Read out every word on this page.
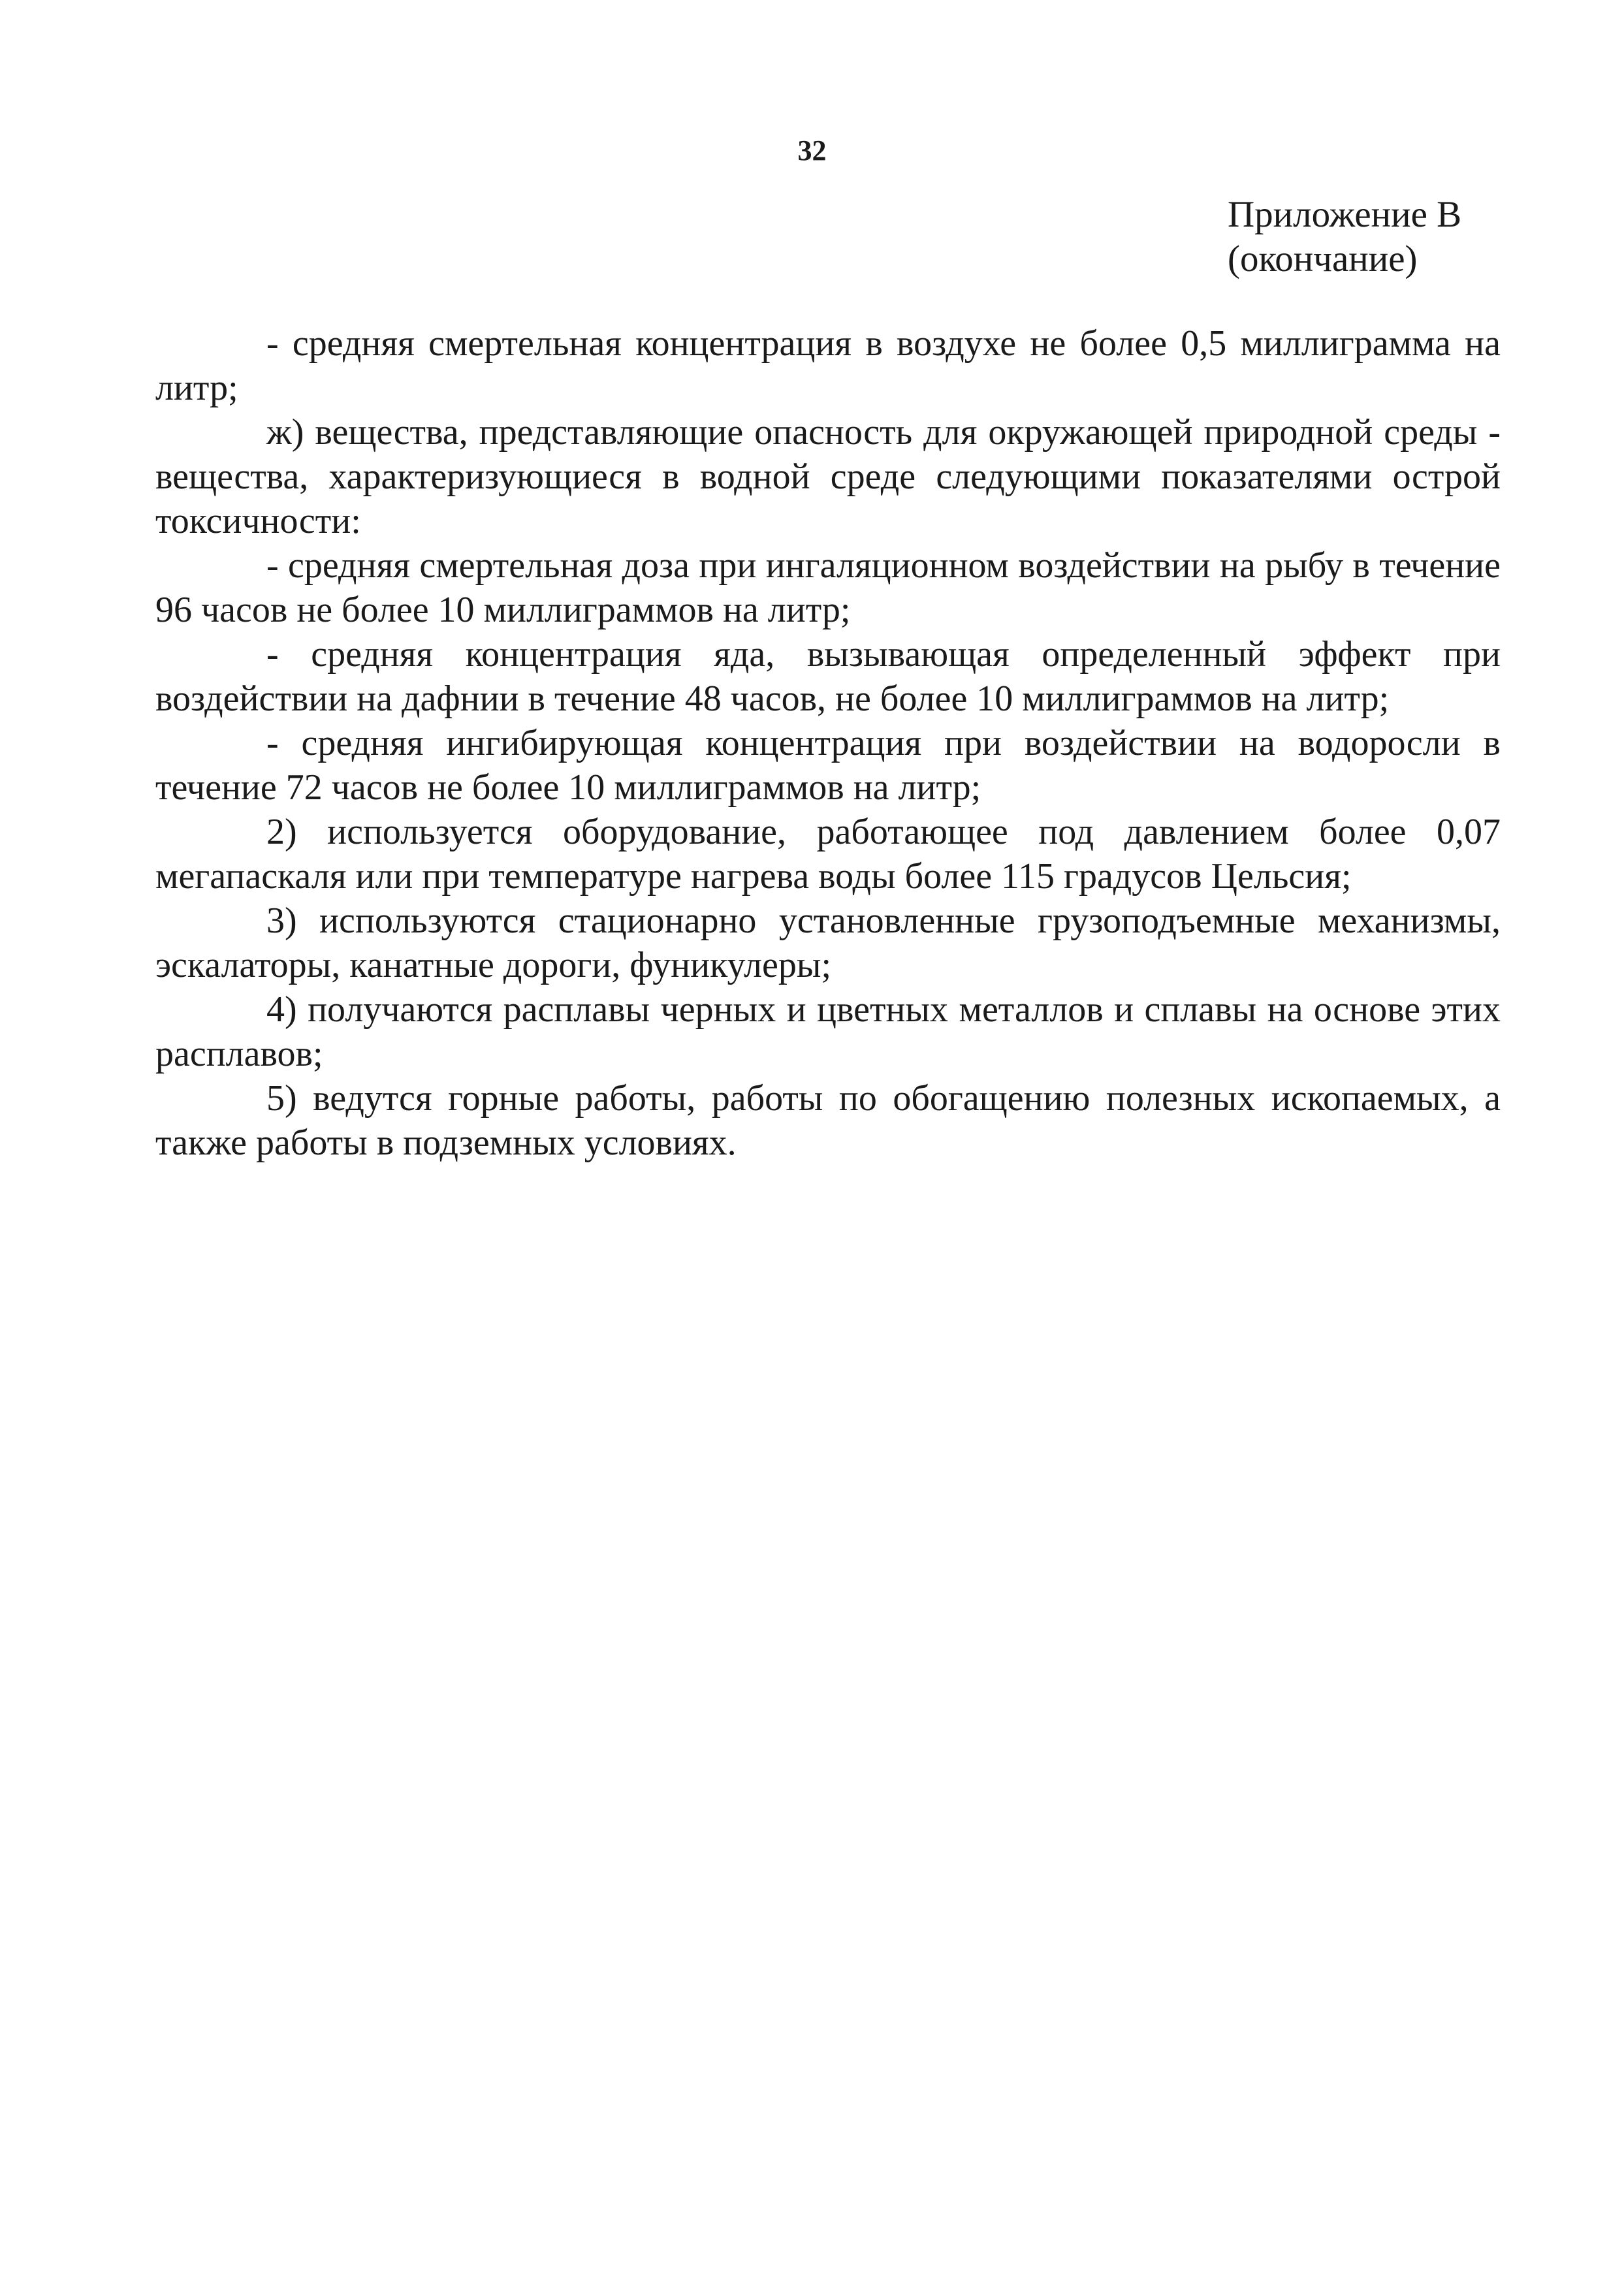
32
Приложение В
(окончание)

- средняя смертельная концентрация в воздухе не более 0,5 миллиграмма на литр;

ж) вещества, представляющие опасность для окружающей природной среды - вещества, характеризующиеся в водной среде следующими показателями острой токсичности:

- средняя смертельная доза при ингаляционном воздействии на рыбу в течение 96 часов не более 10 миллиграммов на литр;

- средняя концентрация яда, вызывающая определенный эффект при воздействии на дафнии в течение 48 часов, не более 10 миллиграммов на литр;

- средняя ингибирующая концентрация при воздействии на водоросли в течение 72 часов не более 10 миллиграммов на литр;

2) используется оборудование, работающее под давлением более 0,07 мегапаскаля или при температуре нагрева воды более 115 градусов Цельсия;

3) используются стационарно установленные грузоподъемные механизмы, эскалаторы, канатные дороги, фуникулеры;

4) получаются расплавы черных и цветных металлов и сплавы на основе этих расплавов;

5) ведутся горные работы, работы по обогащению полезных ископаемых, а также работы в подземных условиях.
